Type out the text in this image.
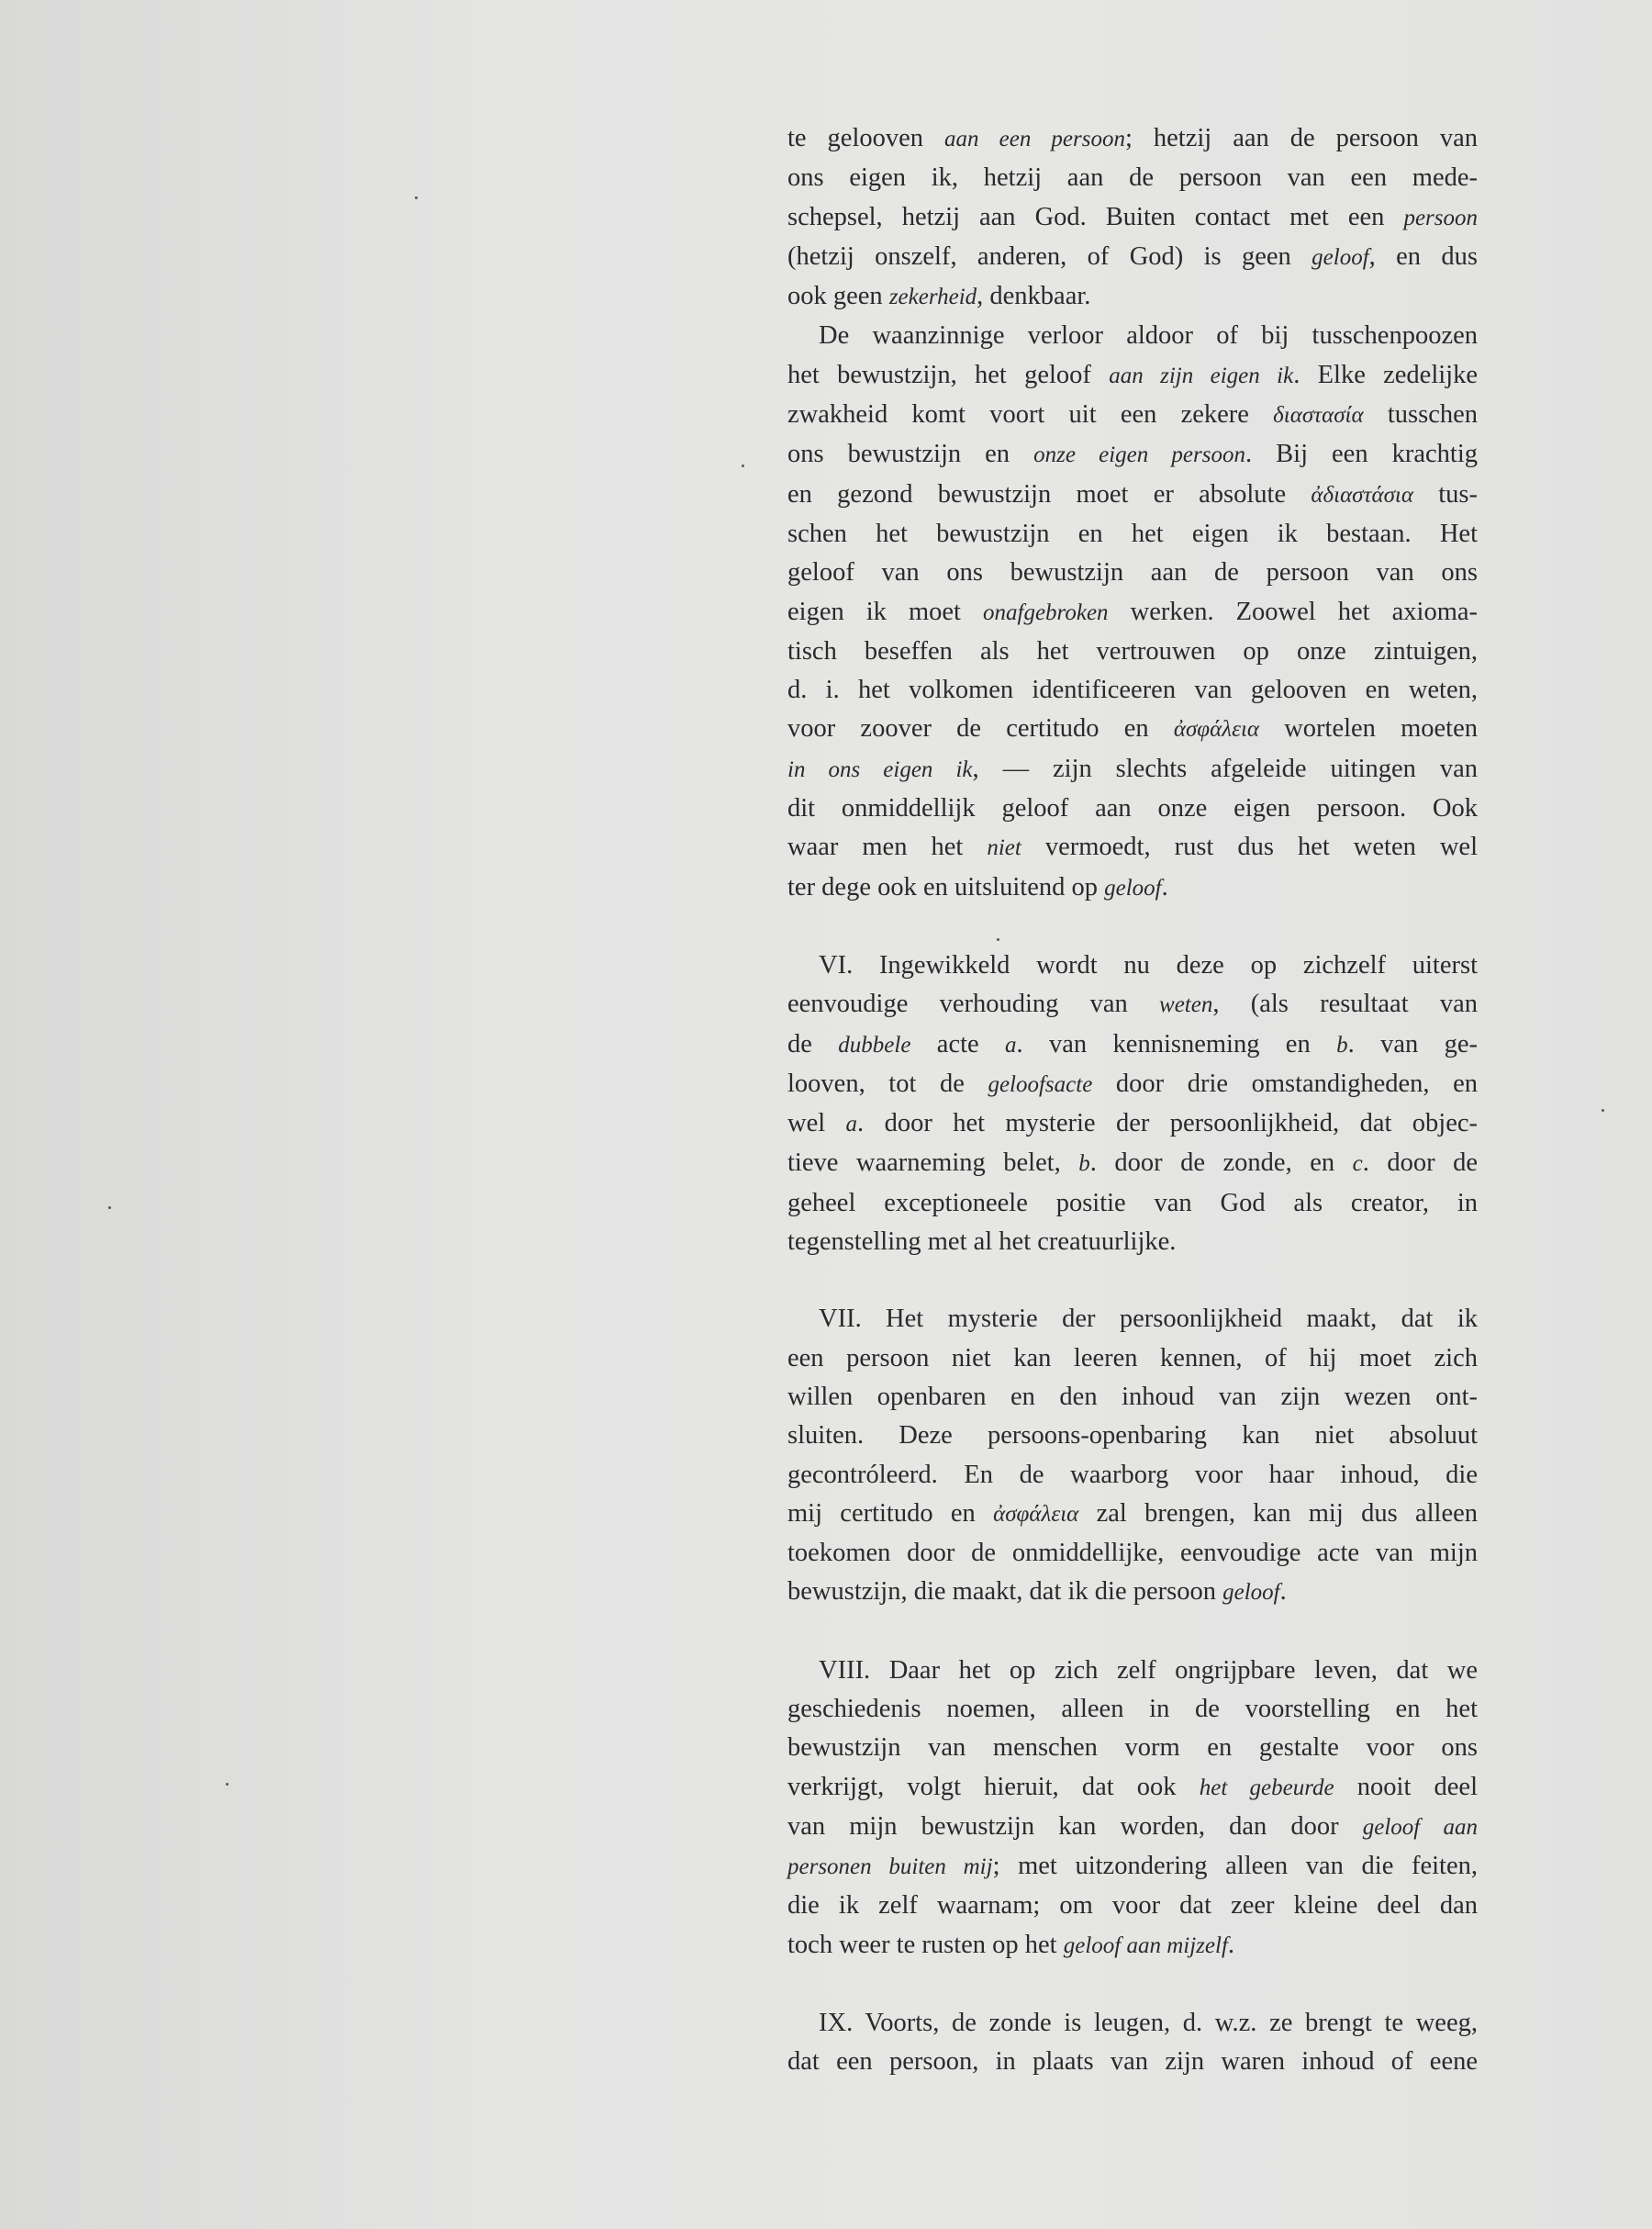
te gelooven aan een persoon; hetzij aan de persoon van
ons eigen ik, hetzij aan de persoon van een mede-
schepsel, hetzij aan God. Buiten contact met een persoon
(hetzij onszelf, anderen, of God) is geen geloof, en dus
ook geen zekerheid, denkbaar.

De waanzinnige verloor aldoor of bij tusschenpoozen
het bewustzijn, het geloof aan zijn eigen ik. Elke zedelijke
zwakheid komt voort uit een zekere διαστασία tusschen
ons bewustzijn en onze eigen persoon. Bij een krachtig
en gezond bewustzijn moet er absolute ἀδιαστάσια tus-
schen het bewustzijn en het eigen ik bestaan. Het
geloof van ons bewustzijn aan de persoon van ons
eigen ik moet onafgebroken werken. Zoowel het axioma-
tisch beseffen als het vertrouwen op onze zintuigen,
d. i. het volkomen identificeeren van gelooven en weten,
voor zoover de certitudo en ἀσφάλεια wortelen moeten
in ons eigen ik, — zijn slechts afgeleide uitingen van
dit onmiddellijk geloof aan onze eigen persoon. Ook
waar men het niet vermoedt, rust dus het weten wel
ter dege ook en uitsluitend op geloof.

VI. Ingewikkeld wordt nu deze op zichzelf uiterst
eenvoudige verhouding van weten, (als resultaat van
de dubbele acte a. van kennisneming en b. van ge-
looven, tot de geloofsacte door drie omstandigheden, en
wel a. door het mysterie der persoonlijkheid, dat objec-
tieve waarneming belet, b. door de zonde, en c. door de
geheel exceptioneele positie van God als creator, in
tegenstelling met al het creatuurlijke.

VII. Het mysterie der persoonlijkheid maakt, dat ik
een persoon niet kan leeren kennen, of hij moet zich
willen openbaren en den inhoud van zijn wezen ont-
sluiten. Deze persoons-openbaring kan niet absoluut
gecontróleerd. En de waarborg voor haar inhoud, die
mij certitudo en ἀσφάλεια zal brengen, kan mij dus alleen
toekomen door de onmiddellijke, eenvoudige acte van mijn
bewustzijn, die maakt, dat ik die persoon geloof.

VIII. Daar het op zich zelf ongrijpbare leven, dat we
geschiedenis noemen, alleen in de voorstelling en het
bewustzijn van menschen vorm en gestalte voor ons
verkrijgt, volgt hieruit, dat ook het gebeurde nooit deel
van mijn bewustzijn kan worden, dan door geloof aan
personen buiten mij; met uitzondering alleen van die feiten,
die ik zelf waarnam; om voor dat zeer kleine deel dan
toch weer te rusten op het geloof aan mijzelf.

IX. Voorts, de zonde is leugen, d. w.z. ze brengt te weeg,
dat een persoon, in plaats van zijn waren inhoud of eene
